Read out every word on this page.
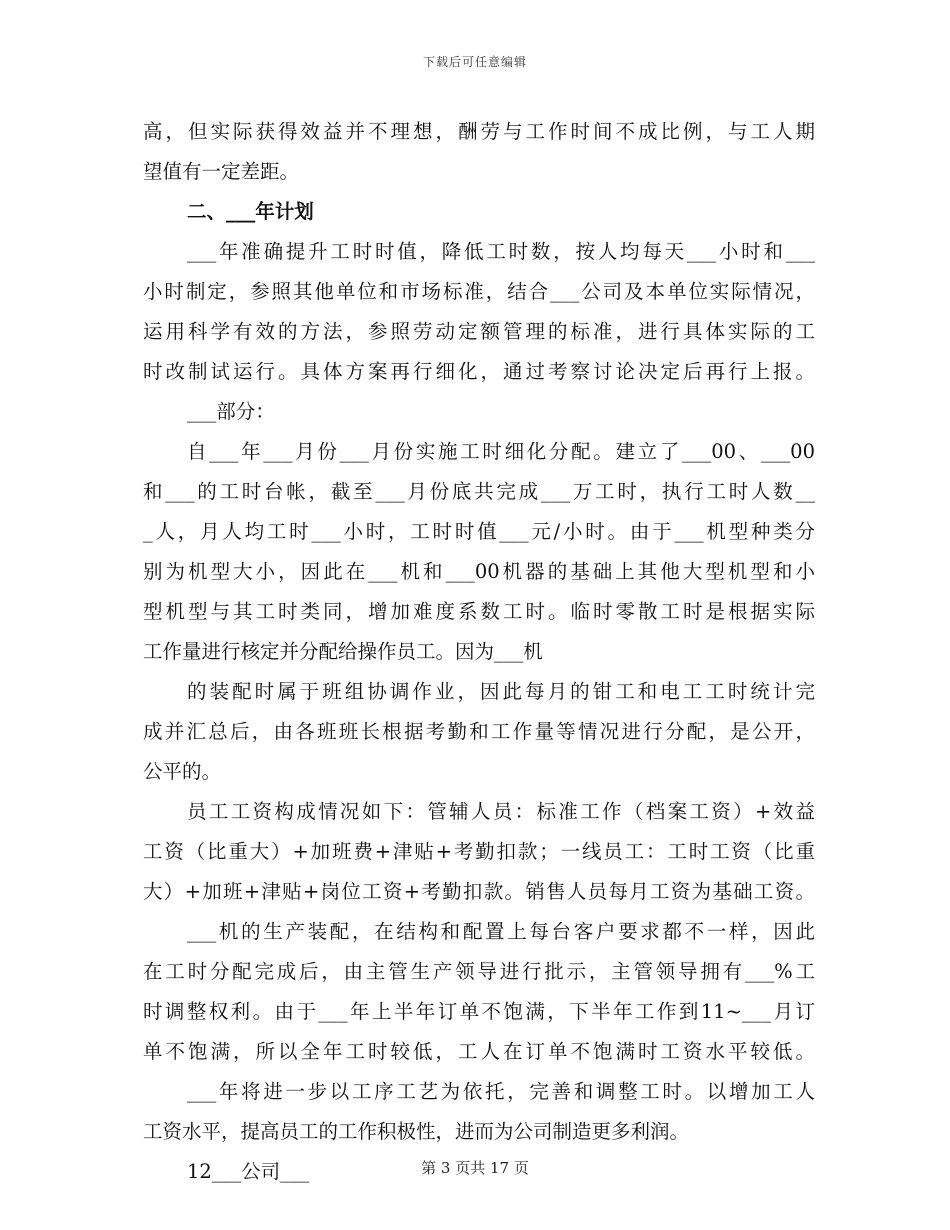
下载后可任意编辑
高，但实际获得效益并不理想，酬劳与工作时间不成比例，与工人期
望值有一定差距。
二、___年计划
___年准确提升工时时值，降低工时数，按人均每天___小时和___
小时制定，参照其他单位和市场标准，结合___公司及本单位实际情况，
运用科学有效的方法，参照劳动定额管理的标准，进行具体实际的工
时改制试运行。具体方案再行细化，通过考察讨论决定后再行上报。
___部分：
自___年___月份___月份实施工时细化分配。建立了___00、___00
和___的工时台帐，截至___月份底共完成___万工时，执行工时人数__
_人，月人均工时___小时，工时时值___元/小时。由于___机型种类分
别为机型大小，因此在___机和___00机器的基础上其他大型机型和小
型机型与其工时类同，增加难度系数工时。临时零散工时是根据实际
工作量进行核定并分配给操作员工。因为___机
的装配时属于班组协调作业，因此每月的钳工和电工工时统计完
成并汇总后，由各班班长根据考勤和工作量等情况进行分配，是公开，
公平的。
员工工资构成情况如下：管辅人员：标准工作（档案工资）+效益
工资（比重大）+加班费+津贴+考勤扣款；一线员工：工时工资（比重
大）+加班+津贴+岗位工资+考勤扣款。销售人员每月工资为基础工资。
___机的生产装配，在结构和配置上每台客户要求都不一样，因此
在工时分配完成后，由主管生产领导进行批示，主管领导拥有___%工
时调整权利。由于___年上半年订单不饱满，下半年工作到11~___月订
单不饱满，所以全年工时较低，工人在订单不饱满时工资水平较低。
___年将进一步以工序工艺为依托，完善和调整工时。以增加工人
工资水平，提高员工的工作积极性，进而为公司制造更多利润。
12___公司___	第 3 页共 17 页
